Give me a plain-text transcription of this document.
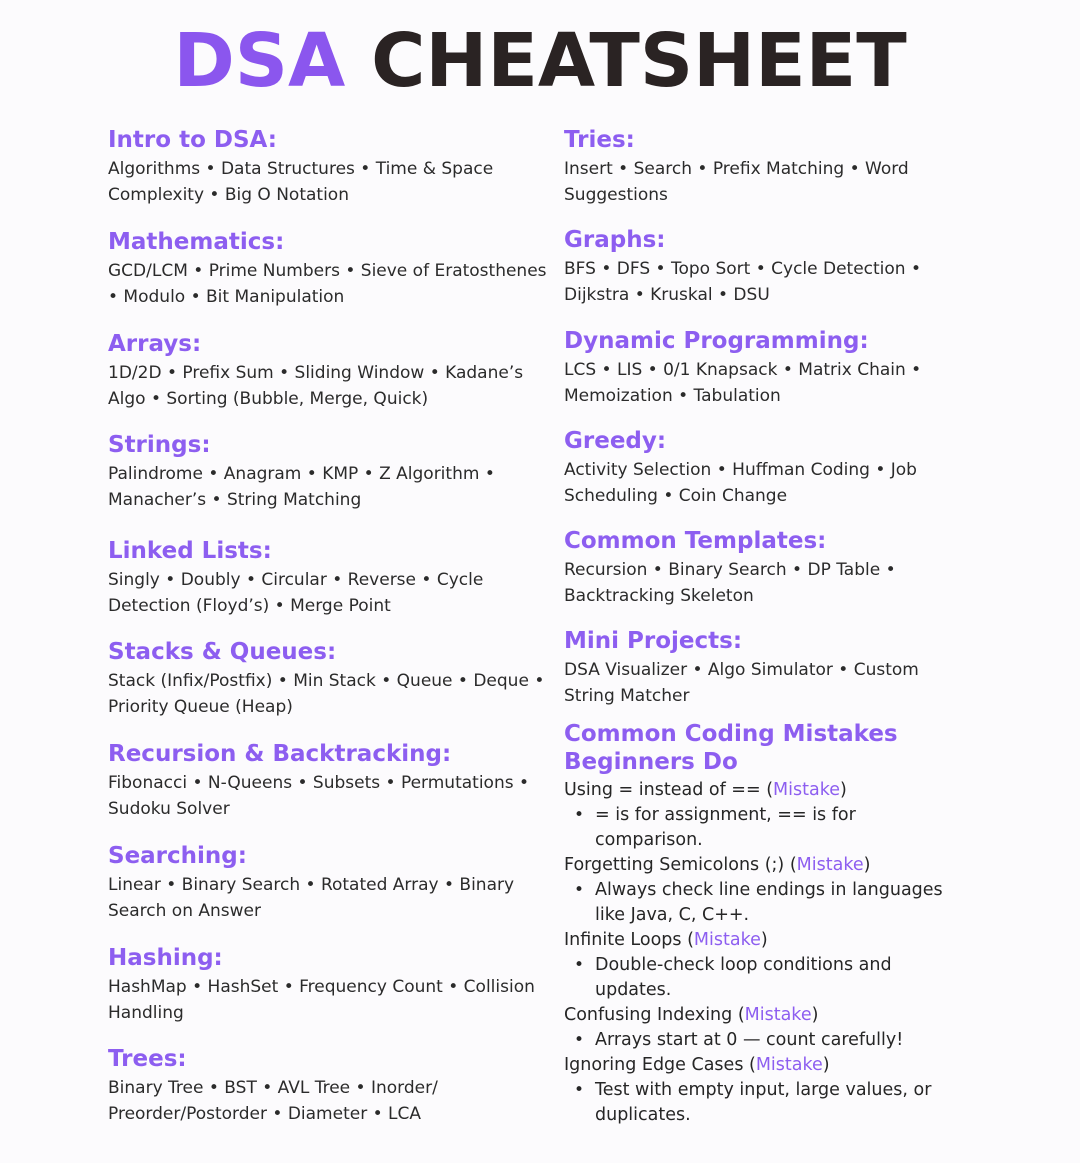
DSA CHEATSHEET

Intro to DSA:

Algorithms • Data Structures • Time & Space Complexity • Big O Notation

Mathematics:

GCD/LCM • Prime Numbers • Sieve of Eratosthenes • Modulo • Bit Manipulation

Arrays:

1D/2D • Prefix Sum • Sliding Window • Kadane’s Algo • Sorting (Bubble, Merge, Quick)

Strings:

Palindrome • Anagram • KMP • Z Algorithm • Manacher’s • String Matching

Linked Lists:

Singly • Doubly • Circular • Reverse • Cycle Detection (Floyd’s) • Merge Point

Stacks & Queues:

Stack (Infix/Postfix) • Min Stack • Queue • Deque • Priority Queue (Heap)

Recursion & Backtracking:

Fibonacci • N-Queens • Subsets • Permutations • Sudoku Solver

Searching:

Linear • Binary Search • Rotated Array • Binary Search on Answer

Hashing:

HashMap • HashSet • Frequency Count • Collision Handling

Trees:

Binary Tree • BST • AVL Tree • Inorder/ Preorder/Postorder • Diameter • LCA

Tries:

Insert • Search • Prefix Matching • Word Suggestions

Graphs:

BFS • DFS • Topo Sort • Cycle Detection • Dijkstra • Kruskal • DSU

Dynamic Programming:

LCS • LIS • 0/1 Knapsack • Matrix Chain • Memoization • Tabulation

Greedy:

Activity Selection • Huffman Coding • Job Scheduling • Coin Change

Common Templates:

Recursion • Binary Search • DP Table • Backtracking Skeleton

Mini Projects:

DSA Visualizer • Algo Simulator • Custom String Matcher

Common Coding Mistakes

Beginners Do

Using = instead of == (Mistake)

• = is for assignment, == is for
comparison.

Forgetting Semicolons (;) (Mistake)

• Always check line endings in languages
like Java, C, C++.

Infinite Loops (Mistake)

• Double-check loop conditions and
updates.

Confusing Indexing (Mistake)

• Arrays start at 0 — count carefully!

Ignoring Edge Cases (Mistake)

• Test with empty input, large values, or
duplicates.
